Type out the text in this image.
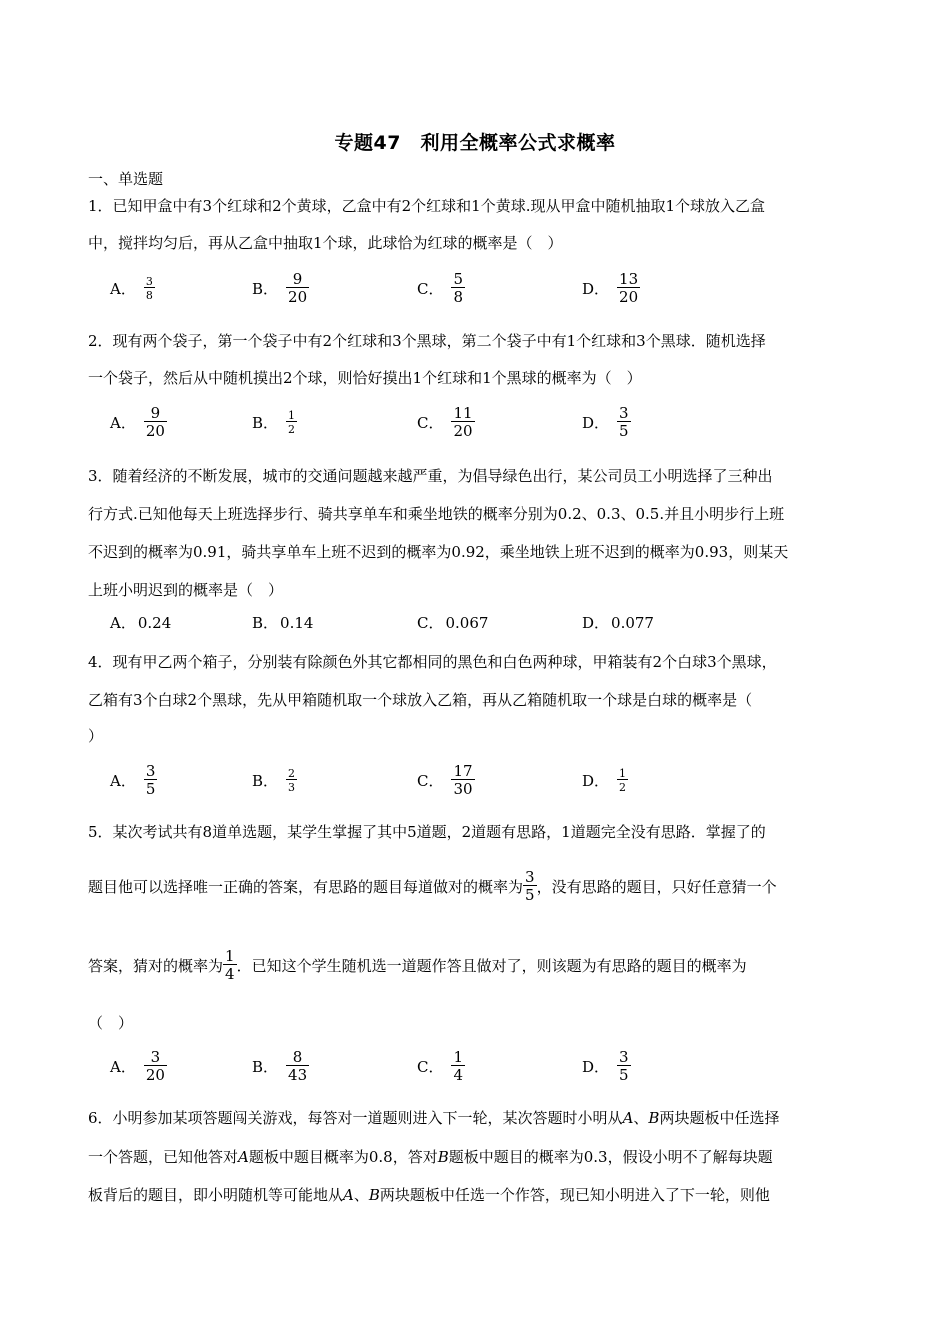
专题47　利用全概率公式求概率
一、单选题
1．已知甲盒中有3个红球和2个黄球，乙盒中有2个红球和1个黄球.现从甲盒中随机抽取1个球放入乙盒
中，搅拌均匀后，再从乙盒中抽取1个球，此球恰为红球的概率是（　）
A． $\frac{3}{8}$	B． $\frac{9}{20}$	C． $\frac{5}{8}$	D． $\frac{13}{20}$
2．现有两个袋子，第一个袋子中有2个红球和3个黑球，第二个袋子中有1个红球和3个黑球．随机选择
一个袋子，然后从中随机摸出2个球，则恰好摸出1个红球和1个黑球的概率为（　）
A． $\frac{9}{20}$	B． $\frac{1}{2}$	C． $\frac{11}{20}$	D． $\frac{3}{5}$
3．随着经济的不断发展，城市的交通问题越来越严重，为倡导绿色出行，某公司员工小明选择了三种出
行方式.已知他每天上班选择步行、骑共享单车和乘坐地铁的概率分别为0.2、0.3、0.5.并且小明步行上班
不迟到的概率为0.91，骑共享单车上班不迟到的概率为0.92，乘坐地铁上班不迟到的概率为0.93，则某天
上班小明迟到的概率是（　）
A． 0.24	B． 0.14	C． 0.067	D． 0.077
4．现有甲乙两个箱子，分别装有除颜色外其它都相同的黑色和白色两种球，甲箱装有2个白球3个黑球，
乙箱有3个白球2个黑球，先从甲箱随机取一个球放入乙箱，再从乙箱随机取一个球是白球的概率是（
）
A． $\frac{3}{5}$	B． $\frac{2}{3}$	C． $\frac{17}{30}$	D． $\frac{1}{2}$
5．某次考试共有8道单选题，某学生掌握了其中5道题，2道题有思路，1道题完全没有思路．掌握了的
题目他可以选择唯一正确的答案，有思路的题目每道做对的概率为 $\frac{3}{5}$ ，没有思路的题目，只好任意猜一个
答案，猜对的概率为 $\frac{1}{4}$ ．已知这个学生随机选一道题作答且做对了，则该题为有思路的题目的概率为
（　）
A． $\frac{3}{20}$	B． $\frac{8}{43}$	C． $\frac{1}{4}$	D． $\frac{3}{5}$
6．小明参加某项答题闯关游戏，每答对一道题则进入下一轮，某次答题时小明从A、B两块题板中任选择
一个答题，已知他答对A题板中题目概率为0.8，答对B题板中题目的概率为0.3，假设小明不了解每块题
板背后的题目，即小明随机等可能地从A、B两块题板中任选一个作答，现已知小明进入了下一轮，则他
